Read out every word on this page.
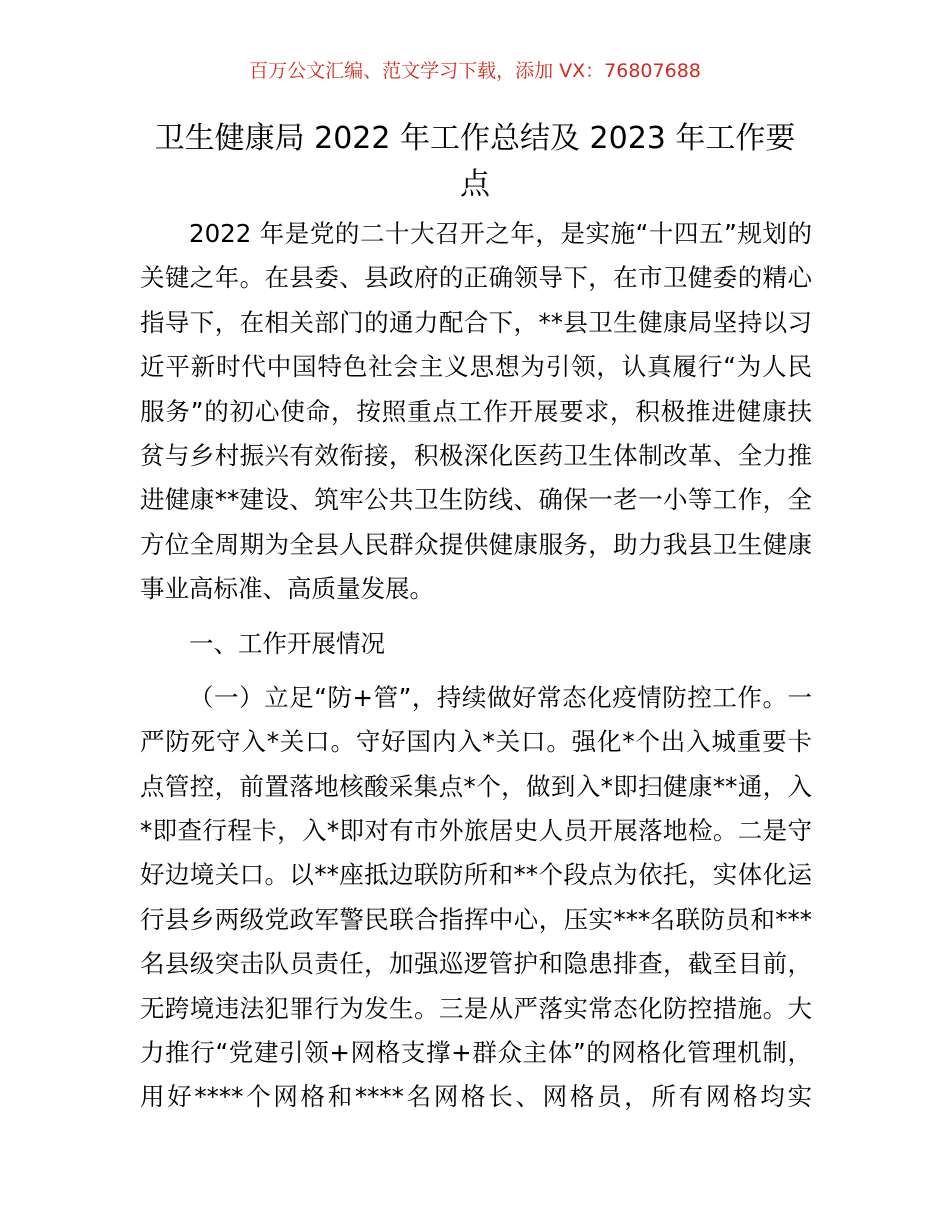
百万公文汇编、范文学习下载，添加 VX：76807688
卫生健康局 2022 年工作总结及 2023 年工作要
点
2022 年是党的二十大召开之年，是实施“十四五”规划的
关键之年。在县委、县政府的正确领导下，在市卫健委的精心
指导下，在相关部门的通力配合下，**县卫生健康局坚持以习
近平新时代中国特色社会主义思想为引领，认真履行“为人民
服务”的初心使命，按照重点工作开展要求，积极推进健康扶
贫与乡村振兴有效衔接，积极深化医药卫生体制改革、全力推
进健康**建设、筑牢公共卫生防线、确保一老一小等工作，全
方位全周期为全县人民群众提供健康服务，助力我县卫生健康
事业高标准、高质量发展。
一、工作开展情况
（一）立足“防+管”，持续做好常态化疫情防控工作。一
严防死守入*关口。守好国内入*关口。强化*个出入城重要卡
点管控，前置落地核酸采集点*个，做到入*即扫健康**通，入
*即查行程卡，入*即对有市外旅居史人员开展落地检。二是守
好边境关口。以**座抵边联防所和**个段点为依托，实体化运
行县乡两级党政军警民联合指挥中心，压实***名联防员和***
名县级突击队员责任，加强巡逻管护和隐患排查，截至目前，
无跨境违法犯罪行为发生。三是从严落实常态化防控措施。大
力推行“党建引领+网格支撑+群众主体”的网格化管理机制，
用好****个网格和****名网格长、网格员，所有网格均实
